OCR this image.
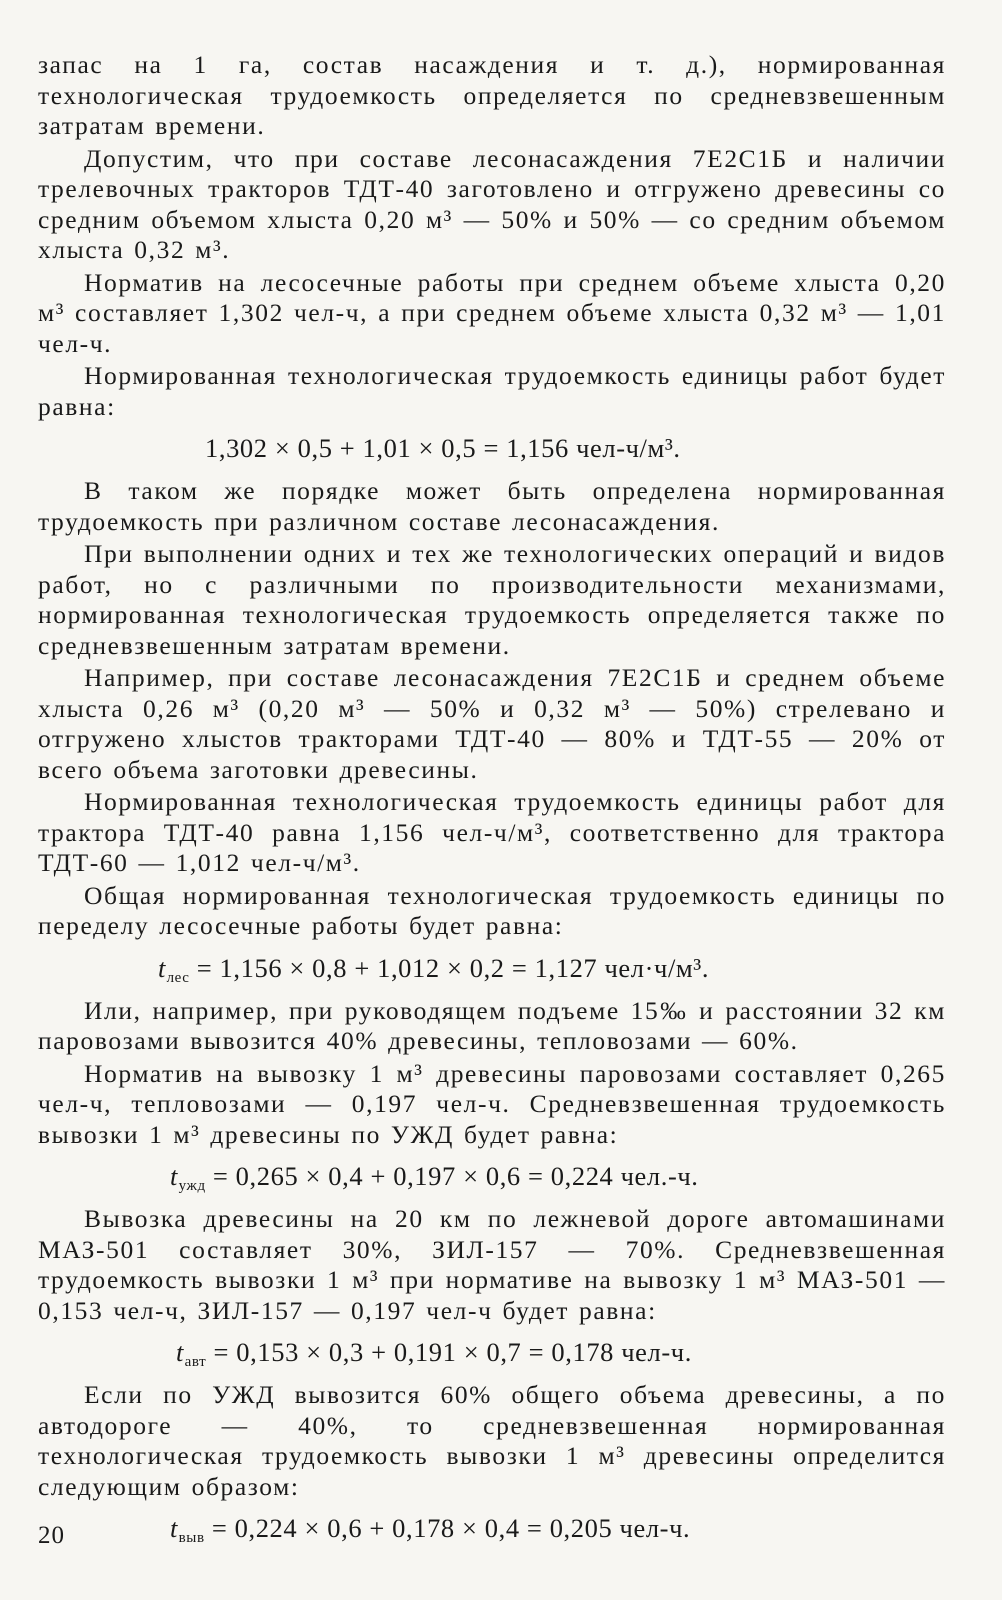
запас на 1 га, состав насаждения и т. д.), нормированная технологическая трудоемкость определяется по средневзвешенным затратам времени.

Допустим, что при составе лесонасаждения 7Е2С1Б и наличии трелевочных тракторов ТДТ-40 заготовлено и отгружено древесины со средним объемом хлыста 0,20 м³ — 50% и 50% — со средним объемом хлыста 0,32 м³.

Норматив на лесосечные работы при среднем объеме хлыста 0,20 м³ составляет 1,302 чел-ч, а при среднем объеме хлыста 0,32 м³ — 1,01 чел-ч.

Нормированная технологическая трудоемкость единицы работ будет равна:

1,302 × 0,5 + 1,01 × 0,5 = 1,156 чел-ч/м³.

В таком же порядке может быть определена нормированная трудоемкость при различном составе лесонасаждения.

При выполнении одних и тех же технологических операций и видов работ, но с различными по производительности механизмами, нормированная технологическая трудоемкость определяется также по средневзвешенным затратам времени.

Например, при составе лесонасаждения 7Е2С1Б и среднем объеме хлыста 0,26 м³ (0,20 м³ — 50% и 0,32 м³ — 50%) стрелевано и отгружено хлыстов тракторами ТДТ-40 — 80% и ТДТ-55 — 20% от всего объема заготовки древесины.

Нормированная технологическая трудоемкость единицы работ для трактора ТДТ-40 равна 1,156 чел-ч/м³, соответственно для трактора ТДТ-60 — 1,012 чел-ч/м³.

Общая нормированная технологическая трудоемкость единицы по переделу лесосечные работы будет равна:

$t_{лес} = 1,156 \times 0,8 + 1,012 \times 0,2 = 1,127$ чел·ч/м³.

Или, например, при руководящем подъеме 15‰ и расстоянии 32 км паровозами вывозится 40% древесины, тепловозами — 60%.

Норматив на вывозку 1 м³ древесины паровозами составляет 0,265 чел-ч, тепловозами — 0,197 чел-ч. Средневзвешенная трудоемкость вывозки 1 м³ древесины по УЖД будет равна:

$t_{ужд} = 0,265 \times 0,4 + 0,197 \times 0,6 = 0,224$ чел.-ч.

Вывозка древесины на 20 км по лежневой дороге автомашинами МАЗ-501 составляет 30%, ЗИЛ-157 — 70%. Средневзвешенная трудоемкость вывозки 1 м³ при нормативе на вывозку 1 м³ МАЗ-501 — 0,153 чел-ч, ЗИЛ-157 — 0,197 чел-ч будет равна:

$t_{авт} = 0,153 \times 0,3 + 0,191 \times 0,7 = 0,178$ чел-ч.

Если по УЖД вывозится 60% общего объема древесины, а по автодороге — 40%, то средневзвешенная нормированная технологическая трудоемкость вывозки 1 м³ древесины определится следующим образом:

$t_{выв} = 0,224 \times 0,6 + 0,178 \times 0,4 = 0,205$ чел-ч.
20
